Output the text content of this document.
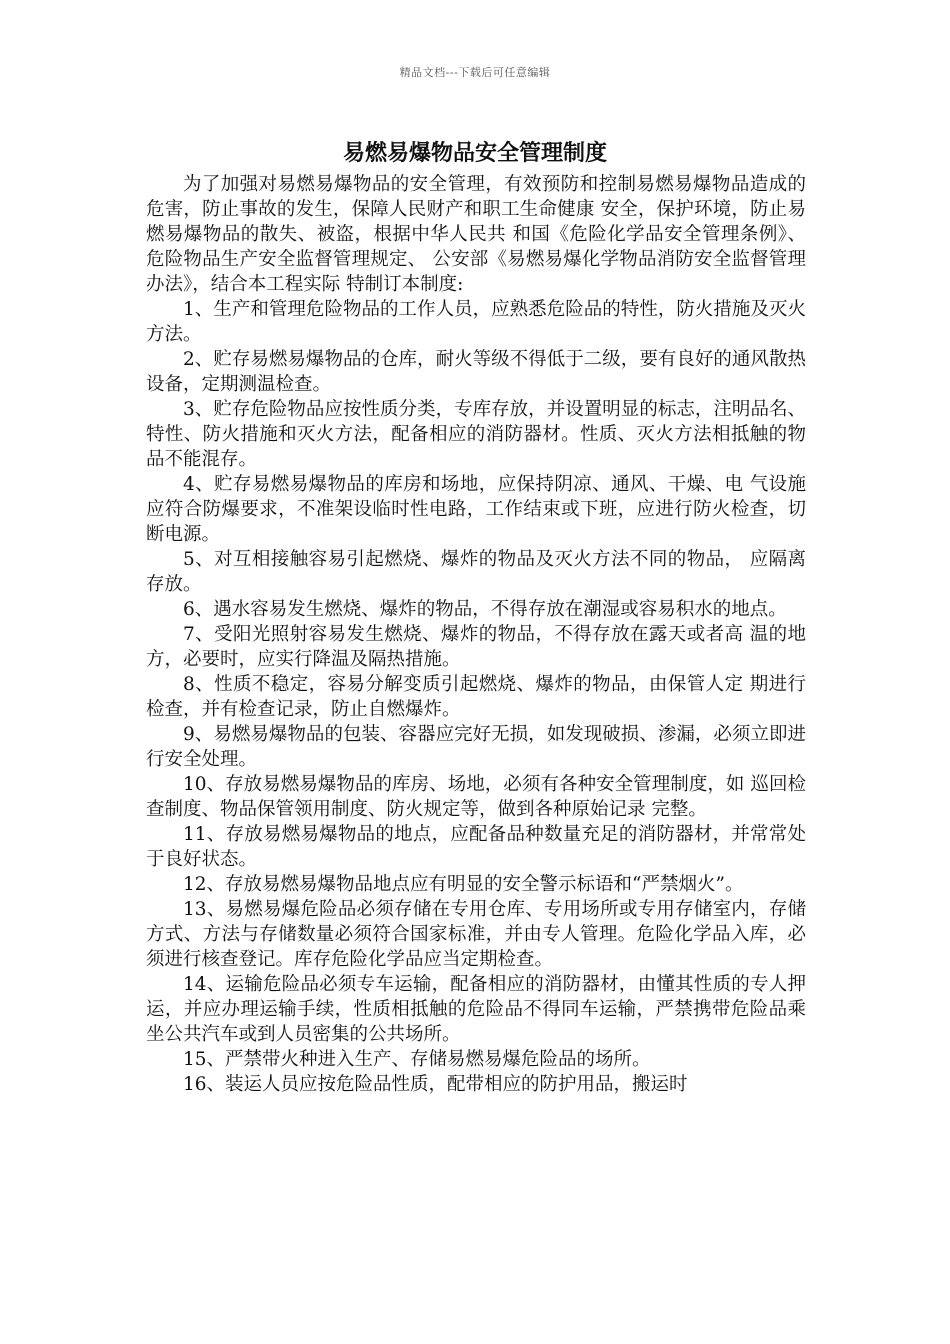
精品文档---下载后可任意编辑
易燃易爆物品安全管理制度

为了加强对易燃易爆物品的安全管理，有效预防和控制易燃易爆物品造成的危害，防止事故的发生，保障人民财产和职工生命健康 安全，保护环境，防止易燃易爆物品的散失、被盗，根据中华人民共 和国《危险化学品安全管理条例》、危险物品生产安全监督管理规定、 公安部《易燃易爆化学物品消防安全监督管理办法》，结合本工程实际 特制订本制度:

1、生产和管理危险物品的工作人员，应熟悉危险品的特性，防火措施及灭火方法。

2、贮存易燃易爆物品的仓库，耐火等级不得低于二级，要有良好的通风散热设备，定期测温检查。

3、贮存危险物品应按性质分类，专库存放，并设置明显的标志，注明品名、特性、防火措施和灭火方法，配备相应的消防器材。性质、灭火方法相抵触的物品不能混存。

4、贮存易燃易爆物品的库房和场地，应保持阴凉、通风、干燥、电 气设施应符合防爆要求，不准架设临时性电路，工作结束或下班，应进行防火检查，切断电源。

5、对互相接触容易引起燃烧、爆炸的物品及灭火方法不同的物品， 应隔离存放。

6、遇水容易发生燃烧、爆炸的物品，不得存放在潮湿或容易积水的地点。

7、受阳光照射容易发生燃烧、爆炸的物品，不得存放在露天或者高 温的地方，必要时，应实行降温及隔热措施。

8、性质不稳定，容易分解变质引起燃烧、爆炸的物品，由保管人定 期进行检查，并有检查记录，防止自燃爆炸。

9、易燃易爆物品的包装、容器应完好无损，如发现破损、渗漏，必须立即进行安全处理。

10、存放易燃易爆物品的库房、场地，必须有各种安全管理制度，如 巡回检查制度、物品保管领用制度、防火规定等，做到各种原始记录 完整。

11、存放易燃易爆物品的地点，应配备品种数量充足的消防器材，并常常处于良好状态。

12、存放易燃易爆物品地点应有明显的安全警示标语和“严禁烟火”。

13、易燃易爆危险品必须存储在专用仓库、专用场所或专用存储室内，存储方式、方法与存储数量必须符合国家标准，并由专人管理。危险化学品入库，必须进行核查登记。库存危险化学品应当定期检查。

14、运输危险品必须专车运输，配备相应的消防器材，由懂其性质的专人押运，并应办理运输手续，性质相抵触的危险品不得同车运输，严禁携带危险品乘坐公共汽车或到人员密集的公共场所。

15、严禁带火种进入生产、存储易燃易爆危险品的场所。

16、装运人员应按危险品性质，配带相应的防护用品，搬运时
